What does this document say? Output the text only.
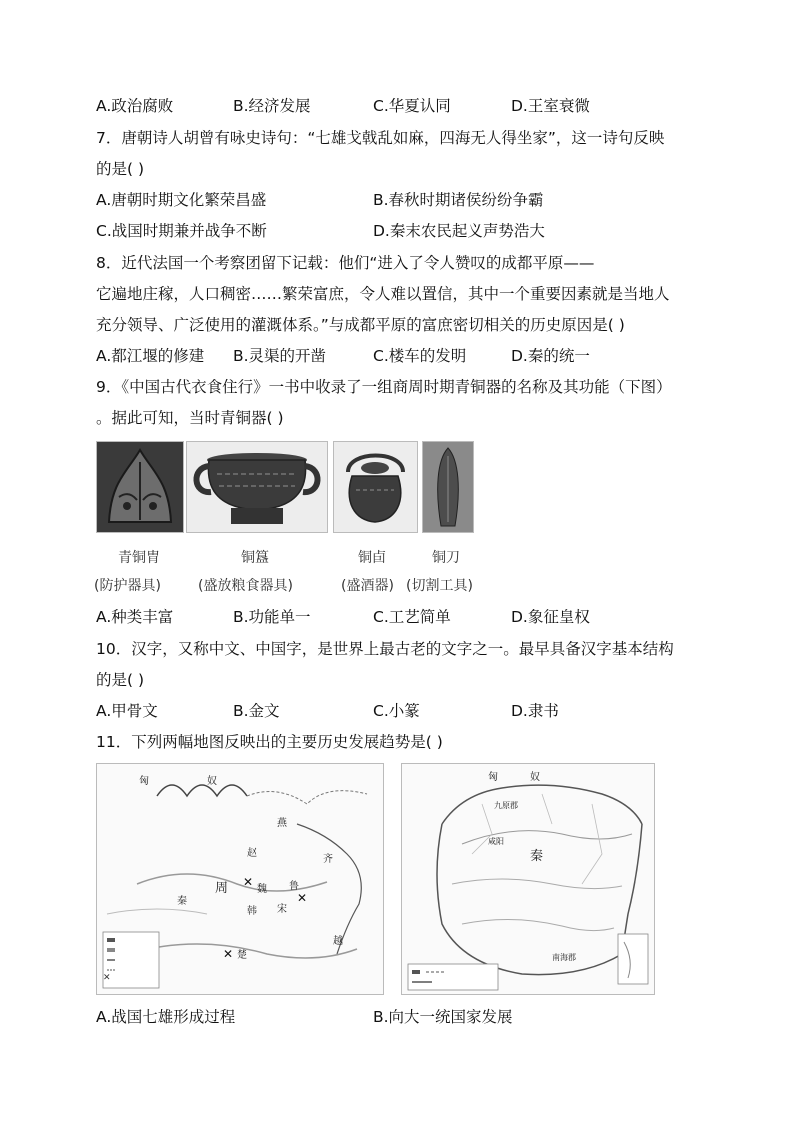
A.政治腐败	B.经济发展	C.华夏认同	D.王室衰微
7．唐朝诗人胡曾有咏史诗句：“七雄戈戟乱如麻，四海无人得坐家”，这一诗句反映
的是( )
A.唐朝时期文化繁荣昌盛	B.春秋时期诸侯纷纷争霸
C.战国时期兼并战争不断	D.秦末农民起义声势浩大
8．近代法国一个考察团留下记载：他们“进入了令人赞叹的成都平原——
它遍地庄稼，人口稠密……繁荣富庶，令人难以置信，其中一个重要因素就是当地人
充分领导、广泛使用的灌溉体系。”与成都平原的富庶密切相关的历史原因是( )
A.都江堰的修建 B.灵渠的开凿	C.楼车的发明	D.秦的统一
9．《中国古代衣食住行》一书中收录了一组商周时期青铜器的名称及其功能（下图）
。据此可知，当时青铜器( )
青铜胄	铜簋	铜卣	铜刀
(防护器具)	(盛放粮食器具)	(盛酒器) (切割工具)
A.种类丰富	B.功能单一	C.工艺简单	D.象征皇权
10．汉字，又称中文、中国字，是世界上最古老的文字之一。最早具备汉字基本结构
的是( )
A.甲骨文	B.金文	C.小篆	D.隶书
11．下列两幅地图反映出的主要历史发展趋势是( )
✕
匈	奴
燕
赵
齐
周	魏
韩
鲁
宋
秦
楚
越
✕
✕
✕
匈	奴
九原郡
咸阳
秦
南海郡
A.战国七雄形成过程	B.向大一统国家发展
